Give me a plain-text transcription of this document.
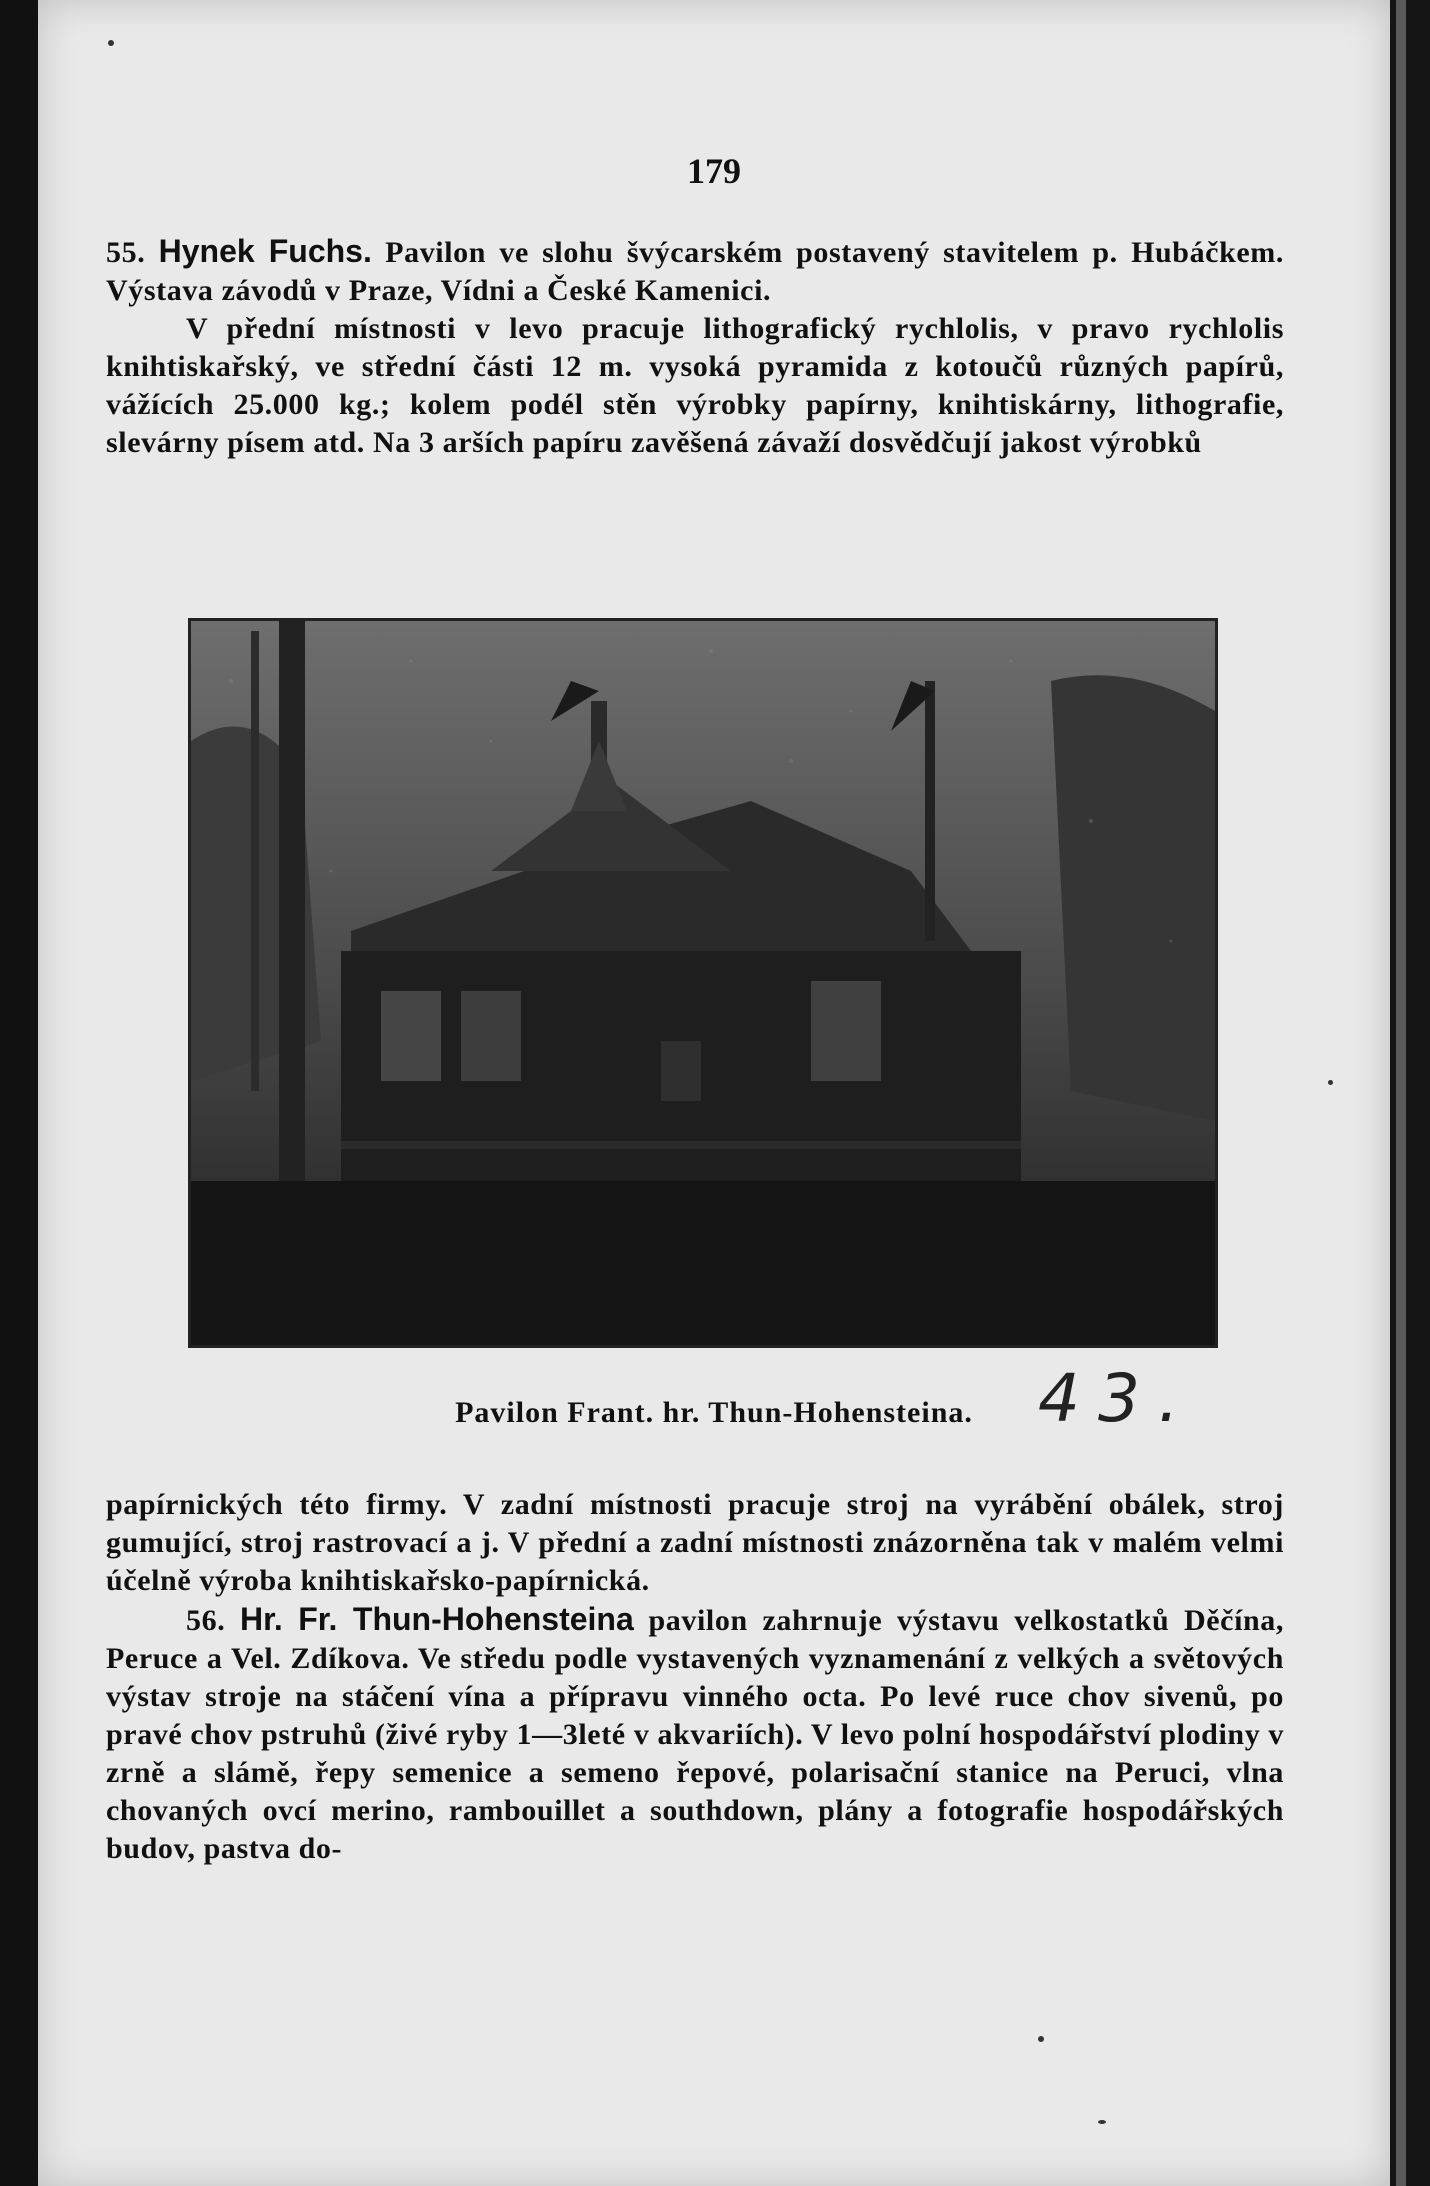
179

55. Hynek Fuchs. Pavilon ve slohu švýcarském postavený stavitelem p. Hubáčkem. Výstava závodů v Praze, Vídni a České Kamenici.

V přední místnosti v levo pracuje lithografický rychlolis, v pravo rychlolis knihtiskařský, ve střední části 12 m. vysoká pyramida z kotoučů různých papírů, vážících 25.000 kg.; kolem podél stěn výrobky papírny, knihtiskárny, lithografie, slevárny písem atd. Na 3 arších papíru zavěšená závaží dosvědčují jakost výrobků

Pavilon Frant. hr. Thun-Hohensteina. 43.

papírnických této firmy. V zadní místnosti pracuje stroj na vyrábění obálek, stroj gumující, stroj rastrovací a j. V přední a zadní místnosti znázorněna tak v malém velmi účelně výroba knihtiskařsko-papírnická.

56. Hr. Fr. Thun-Hohensteina pavilon zahrnuje výstavu velkostatků Děčína, Peruce a Vel. Zdíkova. Ve středu podle vystavených vyznamenání z velkých a světových výstav stroje na stáčení vína a přípravu vinného octa. Po levé ruce chov sivenů, po pravé chov pstruhů (živé ryby 1—3leté v akvariích). V levo polní hospodářství plodiny v zrně a slámě, řepy semenice a semeno řepové, polarisační stanice na Peruci, vlna chovaných ovcí merino, rambouillet a southdown, plány a fotografie hospodářských budov, pastva do-
